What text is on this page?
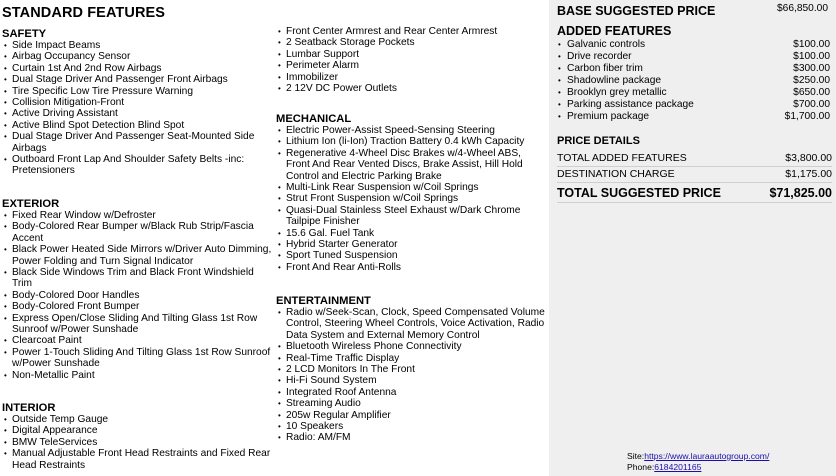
STANDARD FEATURES
SAFETY
• Side Impact Beams
• Airbag Occupancy Sensor
• Curtain 1st And 2nd Row Airbags
• Dual Stage Driver And Passenger Front Airbags
• Tire Specific Low Tire Pressure Warning
• Collision Mitigation-Front
• Active Driving Assistant
• Active Blind Spot Detection Blind Spot
• Dual Stage Driver And Passenger Seat-Mounted Side Airbags
• Outboard Front Lap And Shoulder Safety Belts -inc: Pretensioners
EXTERIOR
• Fixed Rear Window w/Defroster
• Body-Colored Rear Bumper w/Black Rub Strip/Fascia Accent
• Black Power Heated Side Mirrors w/Driver Auto Dimming, Power Folding and Turn Signal Indicator
• Black Side Windows Trim and Black Front Windshield Trim
• Body-Colored Door Handles
• Body-Colored Front Bumper
• Express Open/Close Sliding And Tilting Glass 1st Row Sunroof w/Power Sunshade
• Clearcoat Paint
• Power 1-Touch Sliding And Tilting Glass 1st Row Sunroof w/Power Sunshade
• Non-Metallic Paint
INTERIOR
• Outside Temp Gauge
• Digital Appearance
• BMW TeleServices
• Manual Adjustable Front Head Restraints and Fixed Rear Head Restraints
• Front Center Armrest and Rear Center Armrest
• 2 Seatback Storage Pockets
• Lumbar Support
• Perimeter Alarm
• Immobilizer
• 2 12V DC Power Outlets
MECHANICAL
• Electric Power-Assist Speed-Sensing Steering
• Lithium Ion (li-Ion) Traction Battery 0.4 kWh Capacity
• Regenerative 4-Wheel Disc Brakes w/4-Wheel ABS, Front And Rear Vented Discs, Brake Assist, Hill Hold Control and Electric Parking Brake
• Multi-Link Rear Suspension w/Coil Springs
• Strut Front Suspension w/Coil Springs
• Quasi-Dual Stainless Steel Exhaust w/Dark Chrome Tailpipe Finisher
• 15.6 Gal. Fuel Tank
• Hybrid Starter Generator
• Sport Tuned Suspension
• Front And Rear Anti-Rolls
ENTERTAINMENT
• Radio w/Seek-Scan, Clock, Speed Compensated Volume Control, Steering Wheel Controls, Voice Activation, Radio Data System and External Memory Control
• Bluetooth Wireless Phone Connectivity
• Real-Time Traffic Display
• 2 LCD Monitors In The Front
• Hi-Fi Sound System
• Integrated Roof Antenna
• Streaming Audio
• 205w Regular Amplifier
• 10 Speakers
• Radio: AM/FM
BASE SUGGESTED PRICE	$66,850.00
ADDED FEATURES
• Galvanic controls	$100.00
• Drive recorder	$100.00
• Carbon fiber trim	$300.00
• Shadowline package	$250.00
• Brooklyn grey metallic	$650.00
• Parking assistance package	$700.00
• Premium package	$1,700.00
PRICE DETAILS
TOTAL ADDED FEATURES	$3,800.00
DESTINATION CHARGE	$1,175.00
TOTAL SUGGESTED PRICE	$71,825.00
Site:https://www.lauraautogroup.com/
Phone:6184201165
